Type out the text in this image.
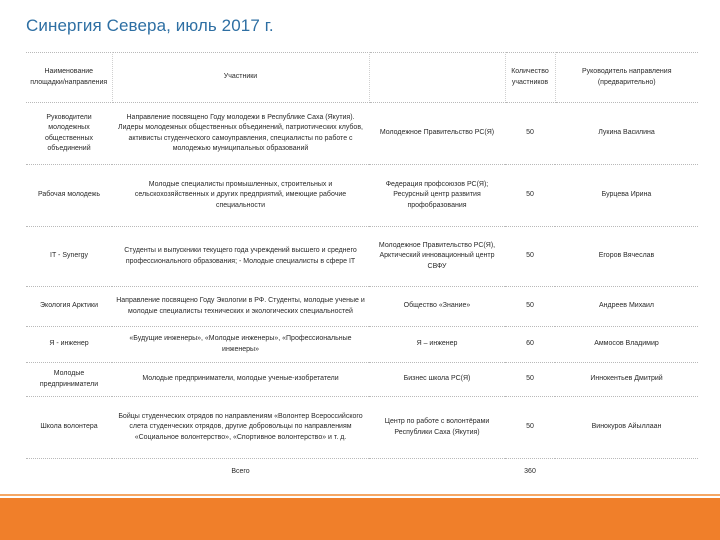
Синергия Севера, июль 2017 г.
Наименование площадки/направления	Участники		Количество участников	Руководитель направления (предварительно)
Руководители молодежных общественных объединений	Направление посвящено Году молодежи в Республике Саха (Якутия). Лидеры молодежных общественных объединений, патриотических клубов, активисты студенческого самоуправления, специалисты по работе с молодежью муниципальных образований	Молодежное Правительство РС(Я)	50	Лукина Василина
Рабочая молодежь	Молодые специалисты промышленных, строительных и сельскохозяйственных и других предприятий, имеющие рабочие специальности	Федерация профсоюзов РС(Я); Ресурсный центр развития профобразования	50	Бурцева Ирина
IT - Synergy	Студенты и выпускники текущего года учреждений высшего и среднего профессионального образования; - Молодые специалисты в сфере IT	Молодежное Правительство РС(Я), Арктический инновационный центр СВФУ	50	Егоров Вячеслав
Экология Арктики	Направление посвящено Году Экологии в РФ. Студенты, молодые ученые и молодые специалисты технических и экологических специальностей	Общество «Знание»	50	Андреев Михаил
Я - инженер	«Будущие инженеры», «Молодые инженеры», «Профессиональные инженеры»	Я – инженер	60	Аммосов Владимир
Молодые предприниматели	Молодые предприниматели, молодые ученые-изобретатели	Бизнес школа РС(Я)	50	Иннокентьев Дмитрий
Школа волонтера	Бойцы студенческих отрядов по направлениям «Волонтер Всероссийского слета студенческих отрядов, другие добровольцы по направлениям «Социальное волонтерство», «Спортивное волонтерство» и т. д.	Центр по работе с волонтёрами Республики Саха (Якутия)	50	Винокуров Айыллаан
	Всего		360	
